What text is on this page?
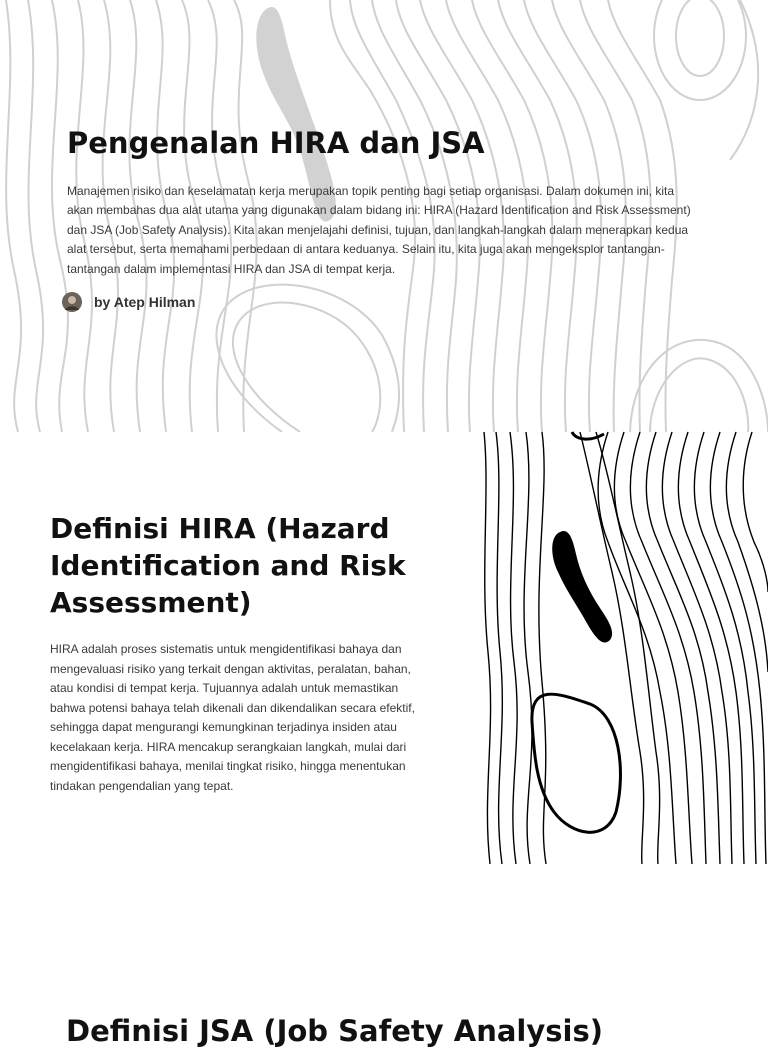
Pengenalan HIRA dan JSA

Manajemen risiko dan keselamatan kerja merupakan topik penting bagi setiap organisasi. Dalam dokumen ini, kita akan membahas dua alat utama yang digunakan dalam bidang ini: HIRA (Hazard Identification and Risk Assessment) dan JSA (Job Safety Analysis). Kita akan menjelajahi definisi, tujuan, dan langkah-langkah dalam menerapkan kedua alat tersebut, serta memahami perbedaan di antara keduanya. Selain itu, kita juga akan mengeksplor tantangan-tantangan dalam implementasi HIRA dan JSA di tempat kerja.

by Atep Hilman
Definisi HIRA (Hazard Identification and Risk Assessment)

HIRA adalah proses sistematis untuk mengidentifikasi bahaya dan mengevaluasi risiko yang terkait dengan aktivitas, peralatan, bahan, atau kondisi di tempat kerja. Tujuannya adalah untuk memastikan bahwa potensi bahaya telah dikenali dan dikendalikan secara efektif, sehingga dapat mengurangi kemungkinan terjadinya insiden atau kecelakaan kerja. HIRA mencakup serangkaian langkah, mulai dari mengidentifikasi bahaya, menilai tingkat risiko, hingga menentukan tindakan pengendalian yang tepat.

Definisi JSA (Job Safety Analysis)
